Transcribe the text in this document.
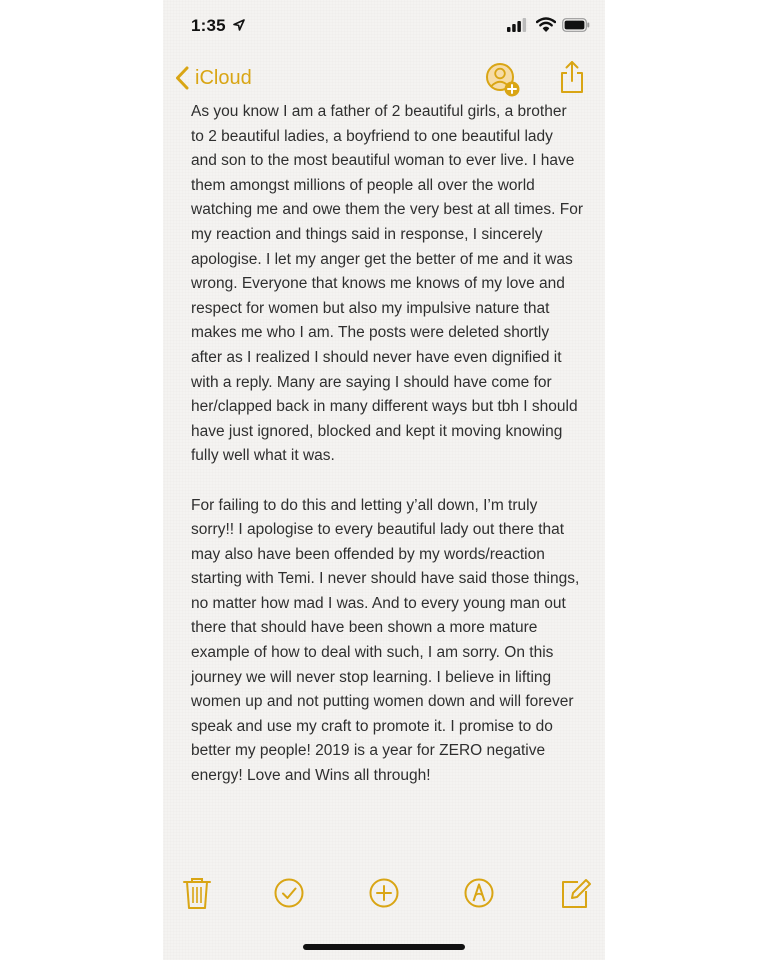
1:35
iCloud

As you know I am a father of 2 beautiful girls, a brother to 2 beautiful ladies, a boyfriend to one beautiful lady and son to the most beautiful woman to ever live. I have them amongst millions of people all over the world watching me and owe them the very best at all times. For my reaction and things said in response, I sincerely apologise. I let my anger get the better of me and it was wrong. Everyone that knows me knows of my love and respect for women but also my impulsive nature that makes me who I am. The posts were deleted shortly after as I realized I should never have even dignified it with a reply. Many are saying I should have come for her/clapped back in many different ways but tbh I should have just ignored, blocked and kept it moving knowing fully well what it was.

For failing to do this and letting y’all down, I’m truly sorry!! I apologise to every beautiful lady out there that may also have been offended by my words/reaction starting with Temi. I never should have said those things, no matter how mad I was. And to every young man out there that should have been shown a more mature example of how to deal with such, I am sorry. On this journey we will never stop learning. I believe in lifting women up and not putting women down and will forever speak and use my craft to promote it. I promise to do better my people! 2019 is a year for ZERO negative energy! Love and Wins all through!
